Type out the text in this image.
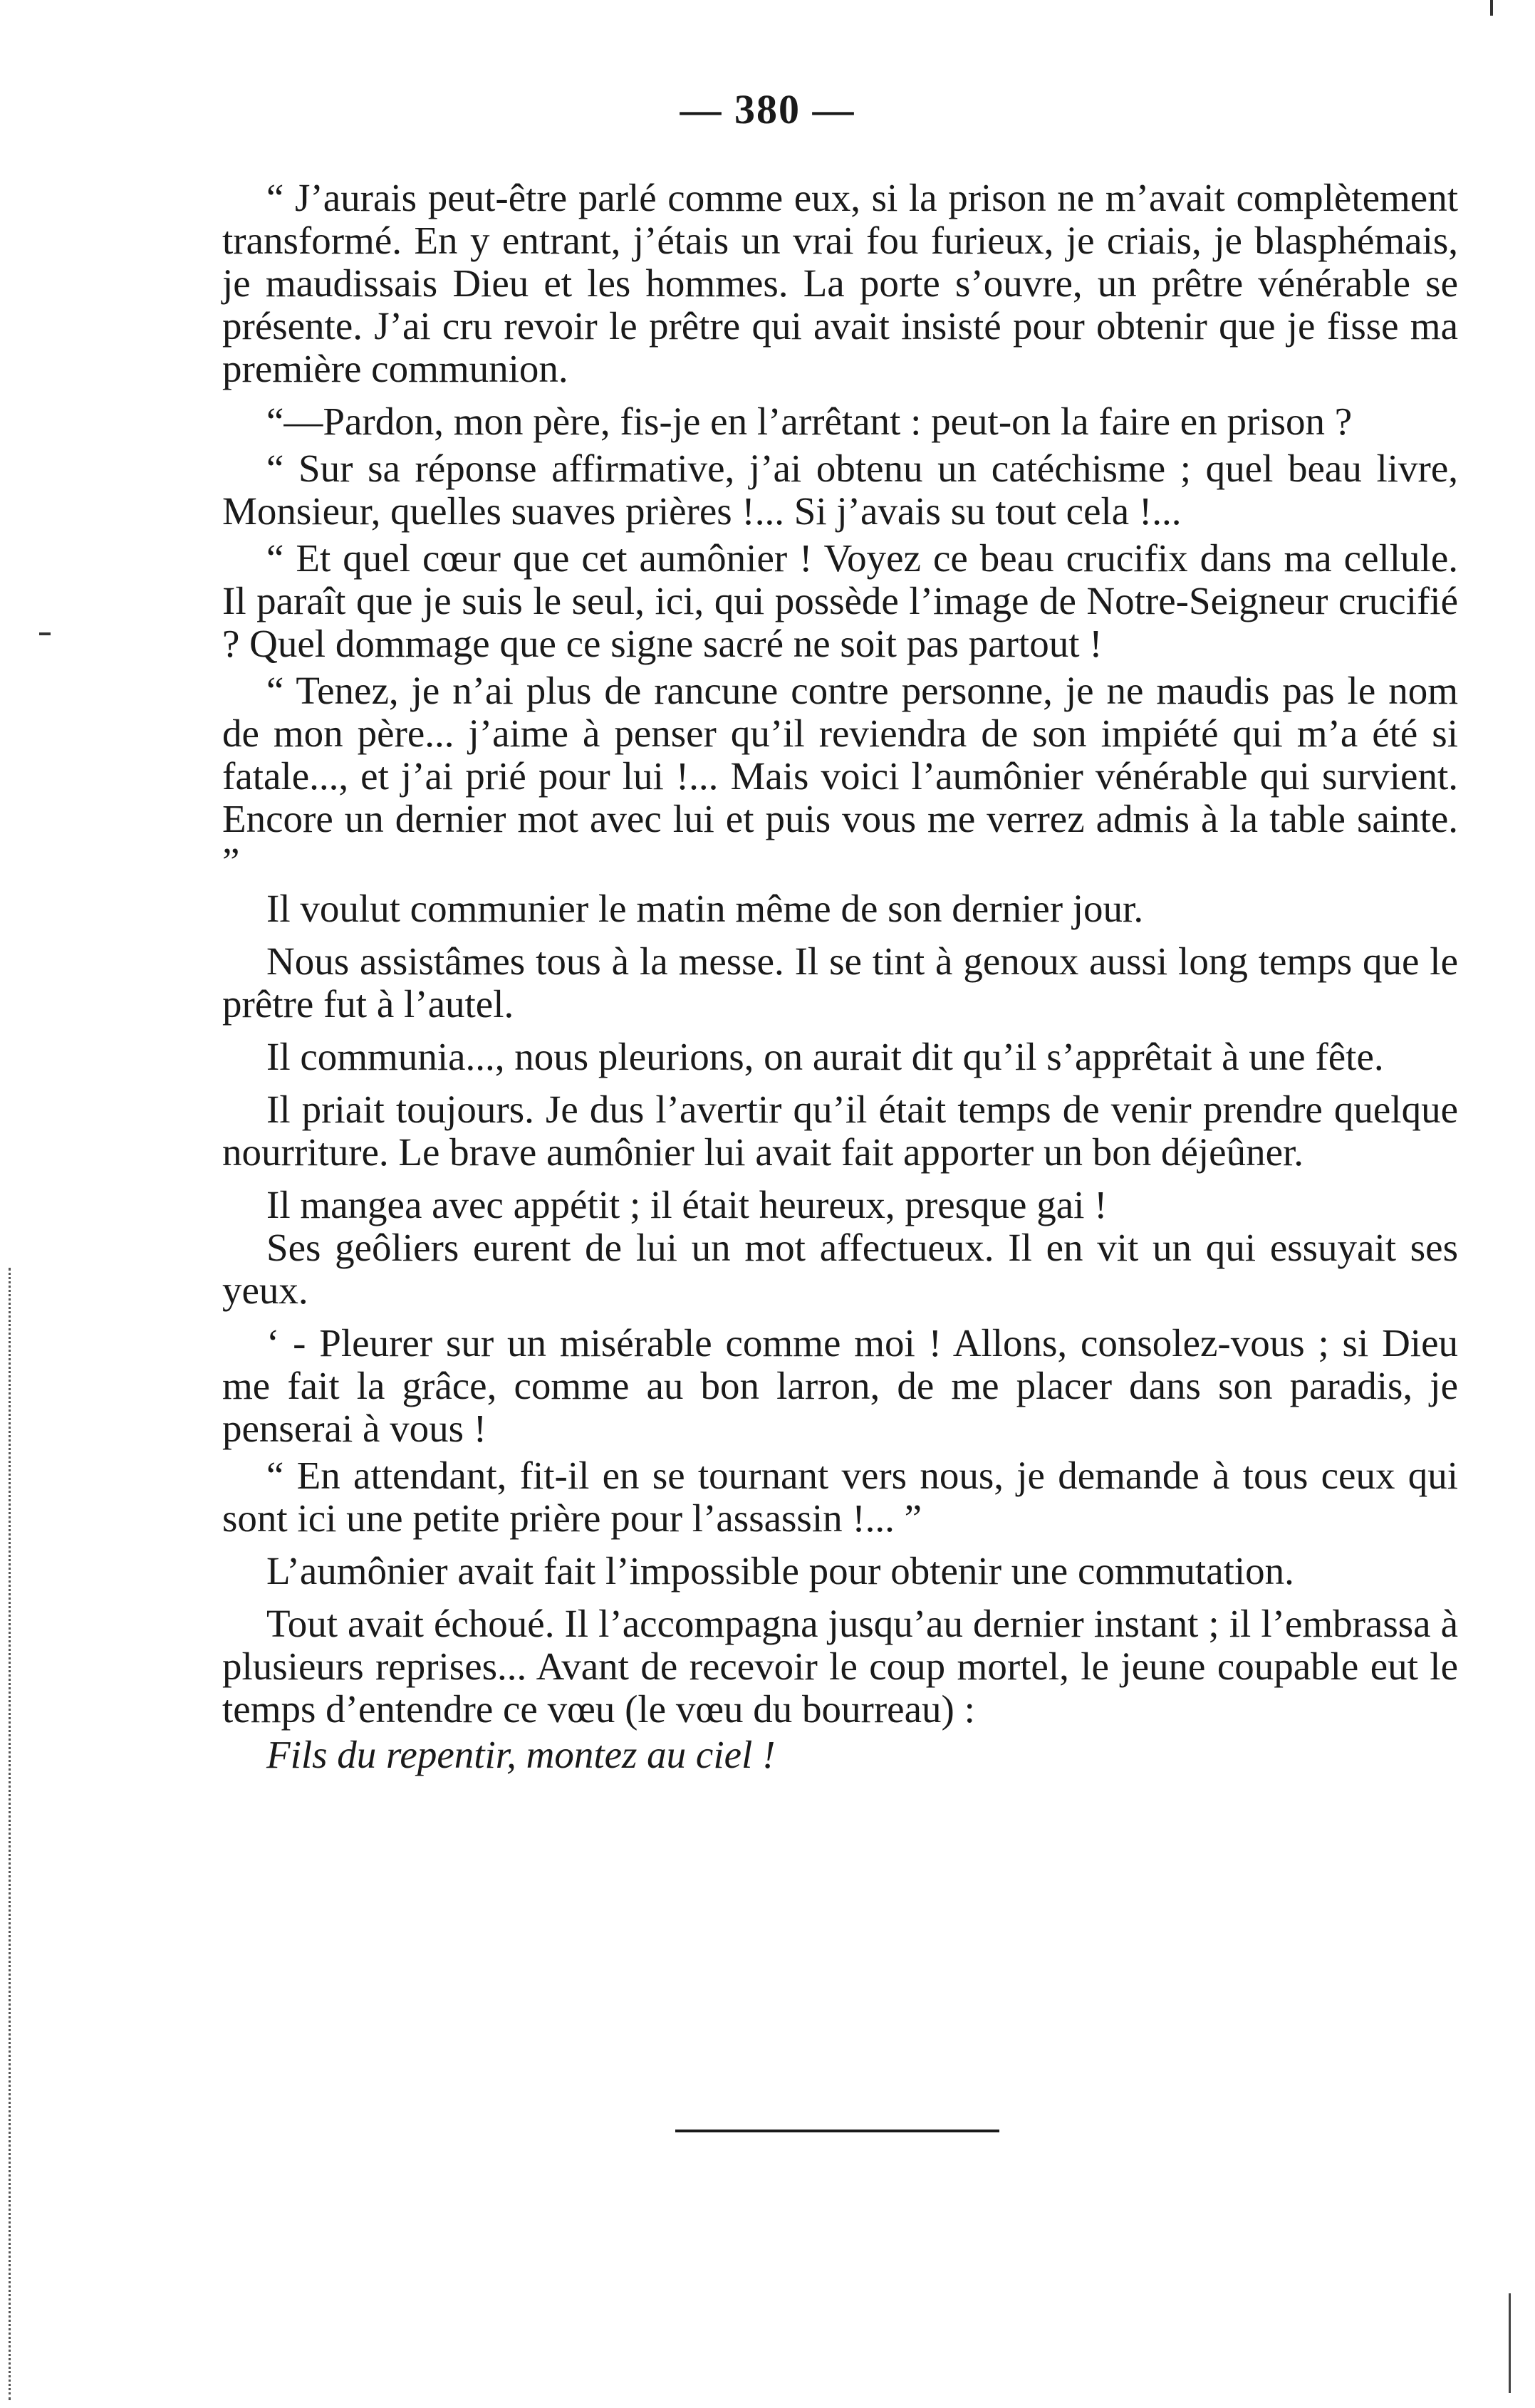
— 380 —

“ J’aurais peut-être parlé comme eux, si la prison ne m’avait complètement transformé. En y entrant, j’étais un vrai fou furieux, je criais, je blasphémais, je maudissais Dieu et les hommes. La porte s’ouvre, un prêtre vénérable se présente. J’ai cru revoir le prêtre qui avait insisté pour obtenir que je fisse ma première communion.

“—Pardon, mon père, fis-je en l’arrêtant : peut-on la faire en prison ?

“ Sur sa réponse affirmative, j’ai obtenu un catéchisme ; quel beau livre, Monsieur, quelles suaves prières !... Si j’avais su tout cela !...

“ Et quel cœur que cet aumônier ! Voyez ce beau crucifix dans ma cellule. Il paraît que je suis le seul, ici, qui possède l’image de Notre-Seigneur crucifié ? Quel dommage que ce signe sacré ne soit pas partout !

“ Tenez, je n’ai plus de rancune contre personne, je ne maudis pas le nom de mon père... j’aime à penser qu’il reviendra de son impiété qui m’a été si fatale..., et j’ai prié pour lui !... Mais voici l’aumônier vénérable qui survient. Encore un dernier mot avec lui et puis vous me verrez admis à la table sainte. ”

Il voulut communier le matin même de son dernier jour.

Nous assistâmes tous à la messe. Il se tint à genoux aussi long temps que le prêtre fut à l’autel.

Il communia..., nous pleurions, on aurait dit qu’il s’apprêtait à une fête.

Il priait toujours. Je dus l’avertir qu’il était temps de venir prendre quelque nourriture. Le brave aumônier lui avait fait apporter un bon déjeûner.

Il mangea avec appétit ; il était heureux, presque gai !

Ses geôliers eurent de lui un mot affectueux. Il en vit un qui essuyait ses yeux.

‘ - Pleurer sur un misérable comme moi ! Allons, consolez-vous ; si Dieu me fait la grâce, comme au bon larron, de me placer dans son paradis, je penserai à vous !

“ En attendant, fit-il en se tournant vers nous, je demande à tous ceux qui sont ici une petite prière pour l’assassin !... ”

L’aumônier avait fait l’impossible pour obtenir une commutation.

Tout avait échoué. Il l’accompagna jusqu’au dernier instant ; il l’embrassa à plusieurs reprises... Avant de recevoir le coup mortel, le jeune coupable eut le temps d’entendre ce vœu (le vœu du bourreau) :

Fils du repentir, montez au ciel !
